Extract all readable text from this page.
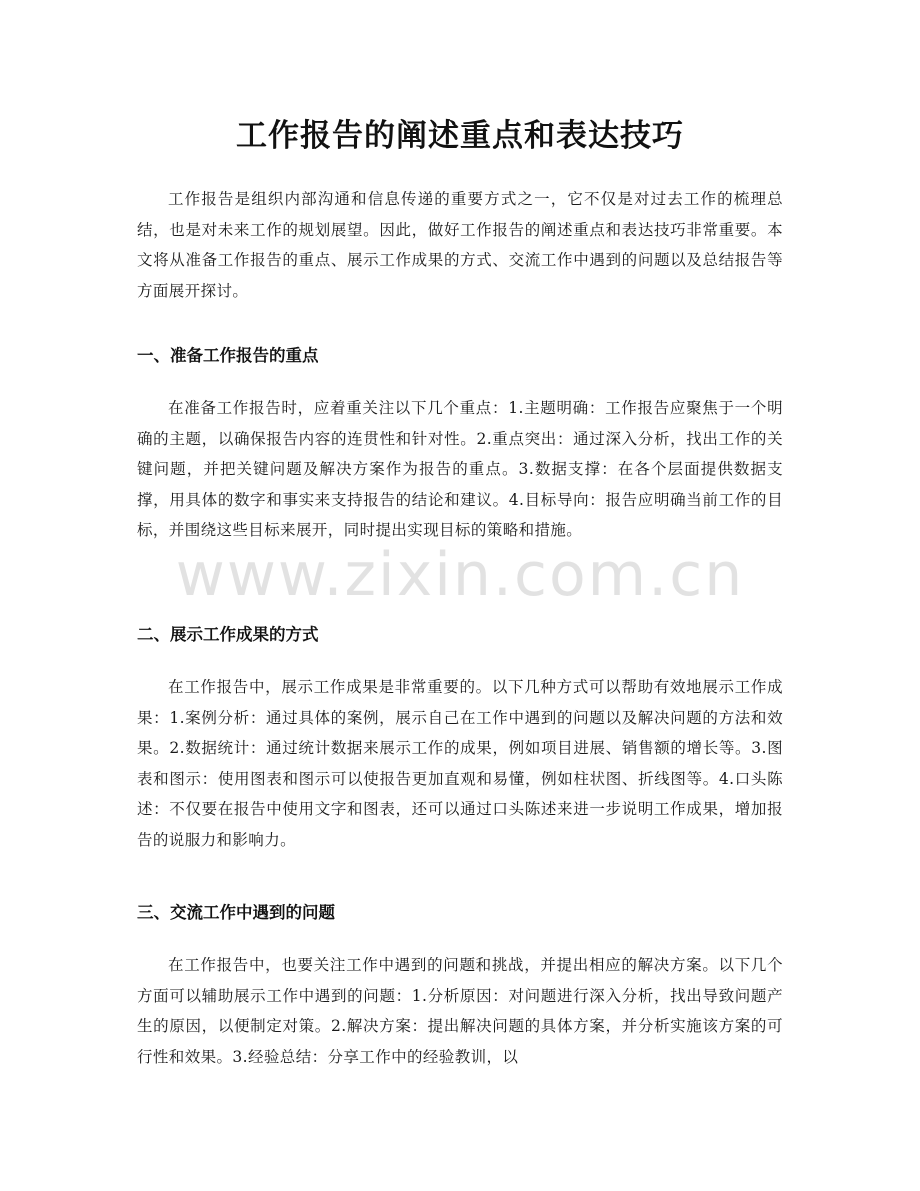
工作报告的阐述重点和表达技巧

工作报告是组织内部沟通和信息传递的重要方式之一，它不仅是对过去工作的梳理总结，也是对未来工作的规划展望。因此，做好工作报告的阐述重点和表达技巧非常重要。本文将从准备工作报告的重点、展示工作成果的方式、交流工作中遇到的问题以及总结报告等方面展开探讨。

一、准备工作报告的重点

在准备工作报告时，应着重关注以下几个重点：1.主题明确：工作报告应聚焦于一个明确的主题，以确保报告内容的连贯性和针对性。2.重点突出：通过深入分析，找出工作的关键问题，并把关键问题及解决方案作为报告的重点。3.数据支撑：在各个层面提供数据支撑，用具体的数字和事实来支持报告的结论和建议。4.目标导向：报告应明确当前工作的目标，并围绕这些目标来展开，同时提出实现目标的策略和措施。

二、展示工作成果的方式

在工作报告中，展示工作成果是非常重要的。以下几种方式可以帮助有效地展示工作成果：1.案例分析：通过具体的案例，展示自己在工作中遇到的问题以及解决问题的方法和效果。2.数据统计：通过统计数据来展示工作的成果，例如项目进展、销售额的增长等。3.图表和图示：使用图表和图示可以使报告更加直观和易懂，例如柱状图、折线图等。4.口头陈述：不仅要在报告中使用文字和图表，还可以通过口头陈述来进一步说明工作成果，增加报告的说服力和影响力。

三、交流工作中遇到的问题

在工作报告中，也要关注工作中遇到的问题和挑战，并提出相应的解决方案。以下几个方面可以辅助展示工作中遇到的问题：1.分析原因：对问题进行深入分析，找出导致问题产生的原因，以便制定对策。2.解决方案：提出解决问题的具体方案，并分析实施该方案的可行性和效果。3.经验总结：分享工作中的经验教训，以

www.zixin.com.cn
